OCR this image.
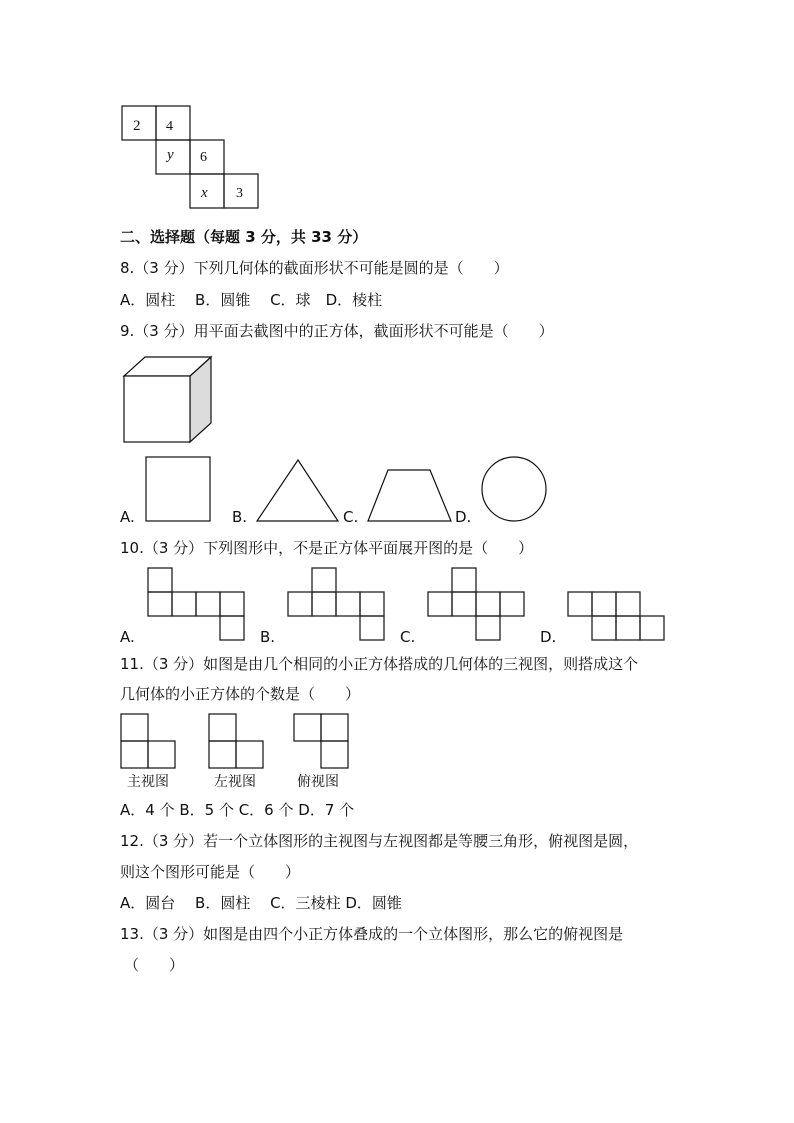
2 4
y 6
x 3
二、选择题（每题 3 分，共 33 分）
8.（3 分）下列几何体的截面形状不可能是圆的是（　　）
A．圆柱　 B．圆锥　 C．球　D．棱柱
9.（3 分）用平面去截图中的正方体，截面形状不可能是（　　）
A.	B.	C.	D.
10.（3 分）下列图形中，不是正方体平面展开图的是（　　）
A.	B.	C.	D.
11.（3 分）如图是由几个相同的小正方体搭成的几何体的三视图，则搭成这个
几何体的小正方体的个数是（　　）
主视图	左视图	俯视图
A．4 个 B．5 个 C．6 个 D．7 个
12.（3 分）若一个立体图形的主视图与左视图都是等腰三角形，俯视图是圆，
则这个图形可能是（　　）
A．圆台　 B．圆柱　 C．三棱柱 D．圆锥
13.（3 分）如图是由四个小正方体叠成的一个立体图形，那么它的俯视图是
（　　）
